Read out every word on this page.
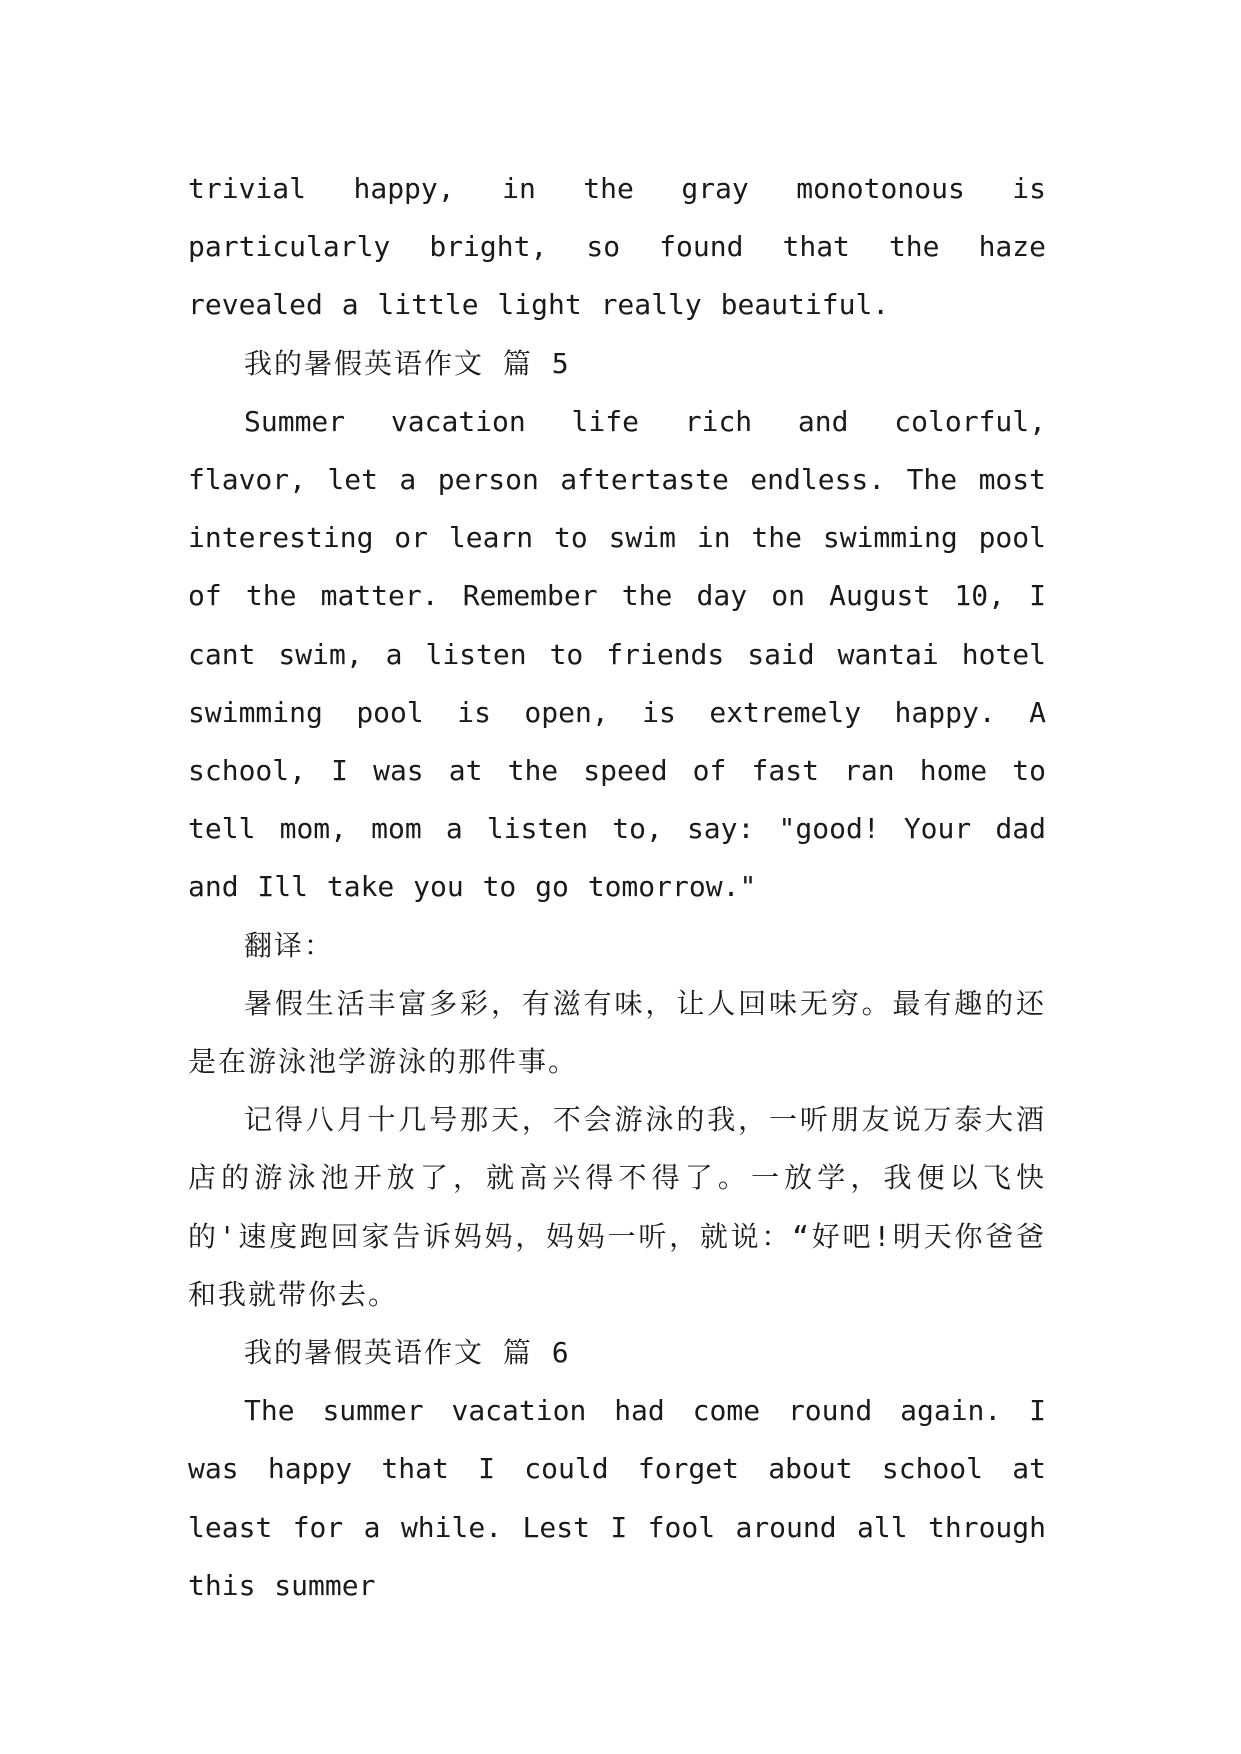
trivial happy, in the gray monotonous is particularly bright, so found that the haze revealed a little light really beautiful.

我的暑假英语作文 篇 5

Summer vacation life rich and colorful, flavor, let a person aftertaste endless. The most interesting or learn to swim in the swimming pool of the matter. Remember the day on August 10, I cant swim, a listen to friends said wantai hotel swimming pool is open, is extremely happy. A school, I was at the speed of fast ran home to tell mom, mom a listen to, say: "good! Your dad and Ill take you to go tomorrow."

翻译：

暑假生活丰富多彩，有滋有味，让人回味无穷。最有趣的还是在游泳池学游泳的那件事。

记得八月十几号那天，不会游泳的我，一听朋友说万泰大酒店的游泳池开放了，就高兴得不得了。一放学，我便以飞快的'速度跑回家告诉妈妈，妈妈一听，就说：“好吧!明天你爸爸和我就带你去。

我的暑假英语作文 篇 6

The summer vacation had come round again. I was happy that I could forget about school at least for a while. Lest I fool around all through this summer
